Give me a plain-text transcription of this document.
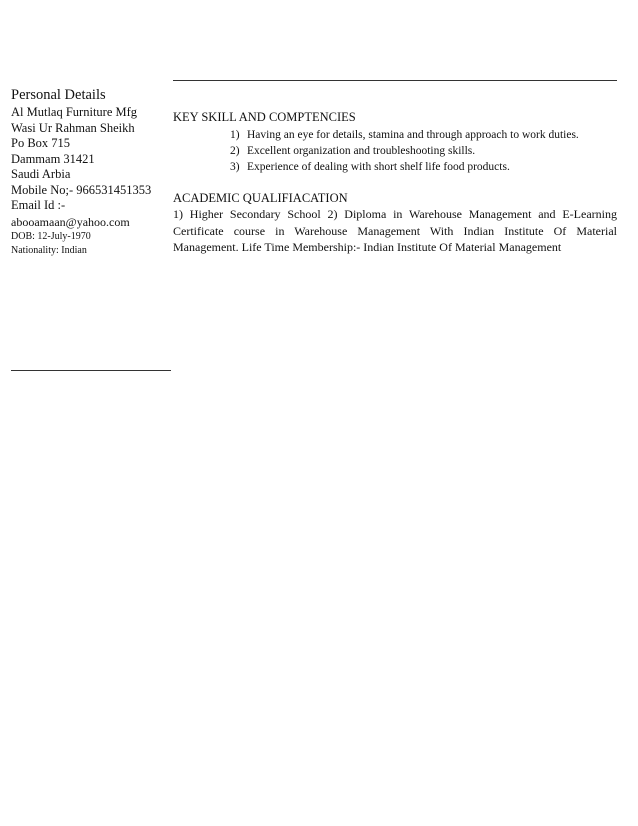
Personal Details
Al Mutlaq Furniture Mfg
Wasi Ur Rahman Sheikh
Po Box 715
Dammam 31421
Saudi Arbia
Mobile No;- 966531451353
Email Id :-
abooamaan@yahoo.com
DOB: 12-July-1970
Nationality: Indian
KEY SKILL AND COMPTENCIES
1) Having an eye for details, stamina and through approach to work duties.
2) Excellent organization and troubleshooting skills.
3) Experience of dealing with short shelf life food products.
ACADEMIC QUALIFIACATION
1) Higher Secondary School 2) Diploma in Warehouse Management and E-Learning Certificate course in Warehouse Management With Indian Institute Of Material Management. Life Time Membership:- Indian Institute Of Material Management
